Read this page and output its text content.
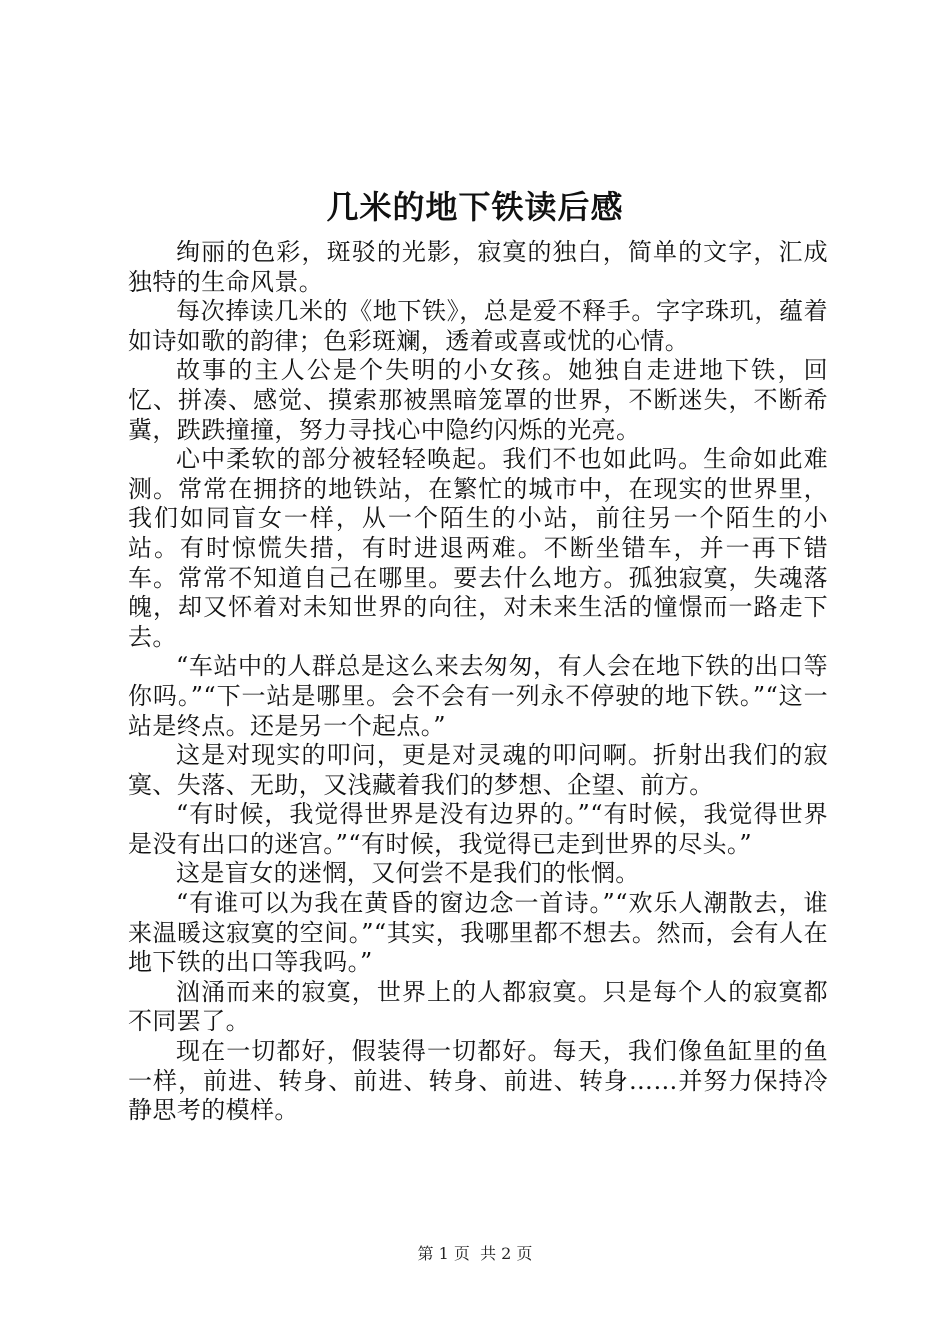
几米的地下铁读后感

绚丽的色彩，斑驳的光影，寂寞的独白，简单的文字，汇成独特的生命风景。

每次捧读几米的《地下铁》，总是爱不释手。字字珠玑，蕴着如诗如歌的韵律；色彩斑斓，透着或喜或忧的心情。

故事的主人公是个失明的小女孩。她独自走进地下铁，回忆、拼凑、感觉、摸索那被黑暗笼罩的世界，不断迷失，不断希冀，跌跌撞撞，努力寻找心中隐约闪烁的光亮。

心中柔软的部分被轻轻唤起。我们不也如此吗。生命如此难测。常常在拥挤的地铁站，在繁忙的城市中，在现实的世界里，我们如同盲女一样，从一个陌生的小站，前往另一个陌生的小站。有时惊慌失措，有时进退两难。不断坐错车，并一再下错车。常常不知道自己在哪里。要去什么地方。孤独寂寞，失魂落魄，却又怀着对未知世界的向往，对未来生活的憧憬而一路走下去。

“车站中的人群总是这么来去匆匆，有人会在地下铁的出口等你吗。”“下一站是哪里。会不会有一列永不停驶的地下铁。”“这一站是终点。还是另一个起点。”

这是对现实的叩问，更是对灵魂的叩问啊。折射出我们的寂寞、失落、无助，又浅藏着我们的梦想、企望、前方。

“有时候，我觉得世界是没有边界的。”“有时候，我觉得世界是没有出口的迷宫。”“有时候，我觉得已走到世界的尽头。”

这是盲女的迷惘，又何尝不是我们的怅惘。

“有谁可以为我在黄昏的窗边念一首诗。”“欢乐人潮散去，谁来温暖这寂寞的空间。”“其实，我哪里都不想去。然而，会有人在地下铁的出口等我吗。”

汹涌而来的寂寞，世界上的人都寂寞。只是每个人的寂寞都不同罢了。

现在一切都好，假装得一切都好。每天，我们像鱼缸里的鱼一样，前进、转身、前进、转身、前进、转身……并努力保持冷静思考的模样。

第 1 页  共 2 页
